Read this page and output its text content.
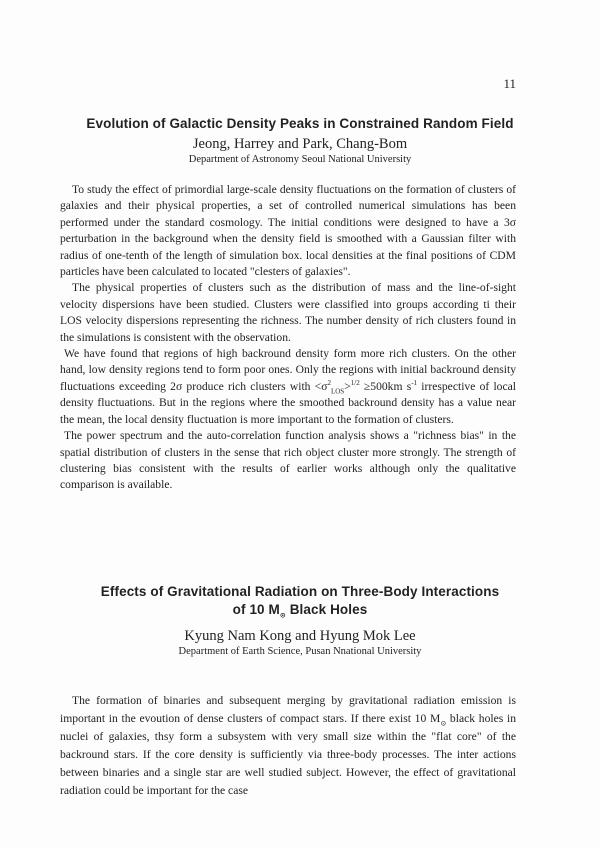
11
Evolution of Galactic Density Peaks in Constrained Random Field
Jeong, Harrey and Park, Chang-Bom
Department of Astronomy Seoul National University

To study the effect of primordial large-scale density fluctuations on the formation of clusters of galaxies and their physical properties, a set of controlled numerical simulations has been performed under the standard cosmology. The initial conditions were designed to have a 3σ perturbation in the background when the density field is smoothed with a Gaussian filter with radius of one-tenth of the length of simulation box. local densities at the final positions of CDM particles have been calculated to located "clesters of galaxies".

The physical properties of clusters such as the distribution of mass and the line-of-sight velocity dispersions have been studied. Clusters were classified into groups according ti their LOS velocity dispersions representing the richness. The number density of rich clusters found in the simulations is consistent with the observation.

We have found that regions of high backround density form more rich clusters. On the other hand, low density regions tend to form poor ones. Only the regions with initial backround density fluctuations exceeding 2σ produce rich clusters with $<\sigma^2_{LOS}>^{1/2} \ge 500km$ $s^{-1}$ irrespective of local density fluctuations. But in the regions where the smoothed backround density has a value near the mean, the local density fluctuation is more important to the formation of clusters.

The power spectrum and the auto-correlation function analysis shows a "richness bias" in the spatial distribution of clusters in the sense that rich object cluster more strongly. The strength of clustering bias consistent with the results of earlier works although only the qualitative comparison is available.

Effects of Gravitational Radiation on Three-Body Interactions
of 10 $M_⊙$ Black Holes
Kyung Nam Kong and Hyung Mok Lee
Department of Earth Science, Pusan Nnational University

The formation of binaries and subsequent merging by gravitational radiation emission is important in the evoution of dense clusters of compact stars. If there exist 10 $M_⊙$ black holes in nuclei of galaxies, thsy form a subsystem with very small size within the "flat core" of the backround stars. If the core density is sufficiently via three-body processes. The inter actions between binaries and a single star are well studied subject. However, the effect of gravitational radiation could be important for the case
